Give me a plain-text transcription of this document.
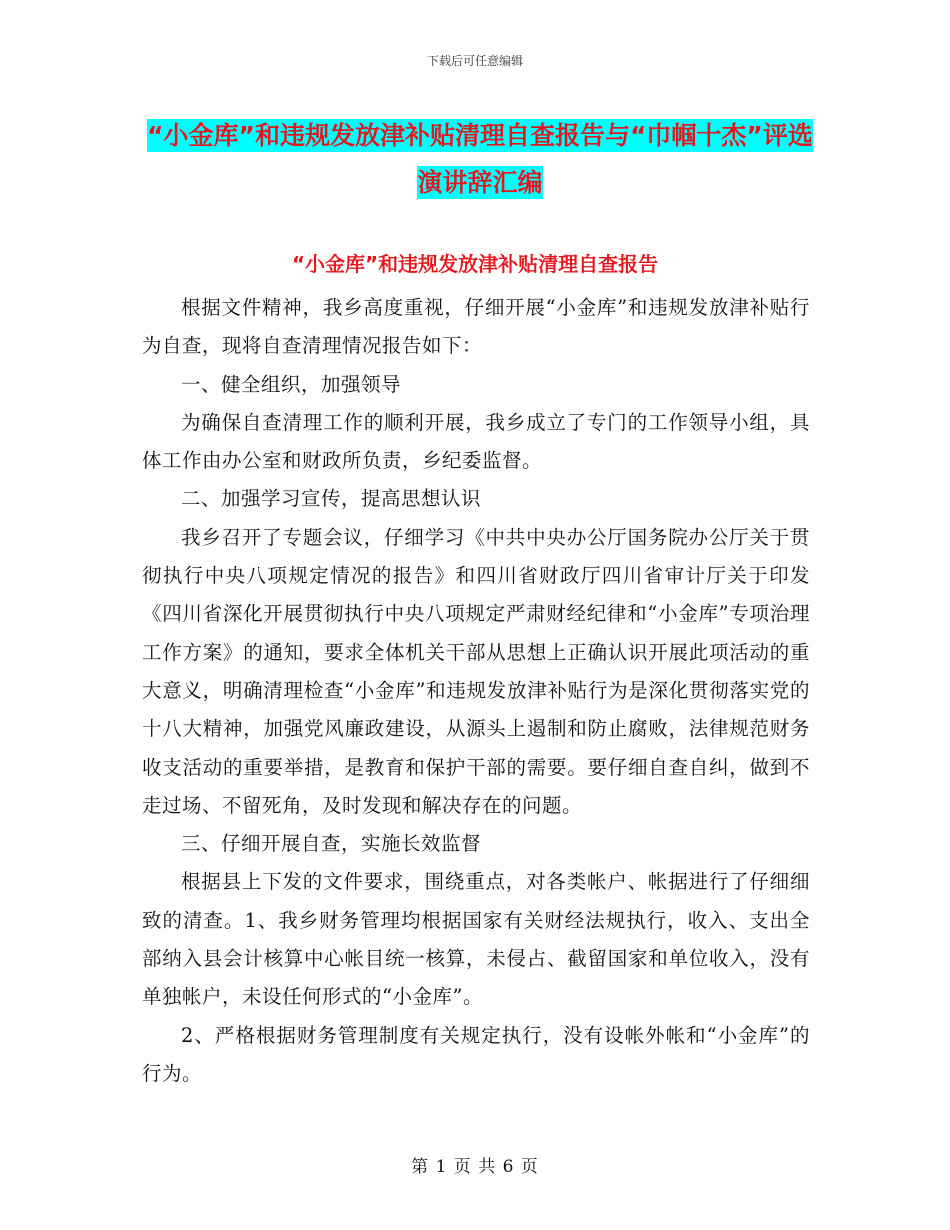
下载后可任意编辑
“小金库”和违规发放津补贴清理自查报告与“巾帼十杰”评选演讲辞汇编
“小金库”和违规发放津补贴清理自查报告

根据文件精神，我乡高度重视，仔细开展“小金库”和违规发放津补贴行为自查，现将自查清理情况报告如下：

一、健全组织，加强领导

为确保自查清理工作的顺利开展，我乡成立了专门的工作领导小组，具体工作由办公室和财政所负责，乡纪委监督。

二、加强学习宣传，提高思想认识

我乡召开了专题会议，仔细学习《中共中央办公厅国务院办公厅关于贯彻执行中央八项规定情况的报告》和四川省财政厅四川省审计厅关于印发《四川省深化开展贯彻执行中央八项规定严肃财经纪律和“小金库”专项治理工作方案》的通知，要求全体机关干部从思想上正确认识开展此项活动的重大意义，明确清理检查“小金库”和违规发放津补贴行为是深化贯彻落实党的十八大精神，加强党风廉政建设，从源头上遏制和防止腐败，法律规范财务收支活动的重要举措，是教育和保护干部的需要。要仔细自查自纠，做到不走过场、不留死角，及时发现和解决存在的问题。

三、仔细开展自查，实施长效监督

根据县上下发的文件要求，围绕重点，对各类帐户、帐据进行了仔细细致的清查。1、我乡财务管理均根据国家有关财经法规执行，收入、支出全部纳入县会计核算中心帐目统一核算，未侵占、截留国家和单位收入，没有单独帐户，未设任何形式的“小金库”。

2、严格根据财务管理制度有关规定执行，没有设帐外帐和“小金库”的行为。

第 1 页 共 6 页
